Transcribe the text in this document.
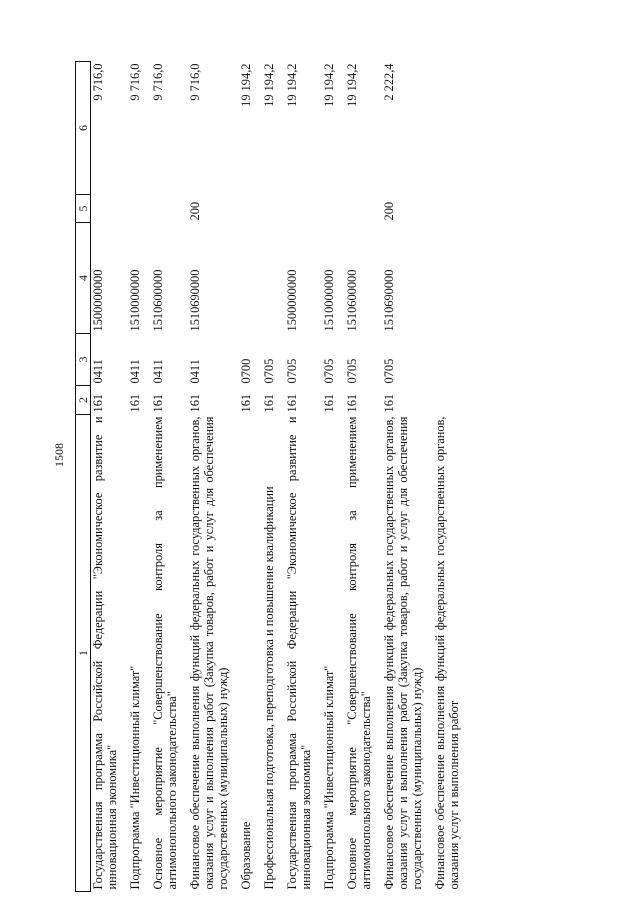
1508
1	2	3	4	5	6
Государственная программа Российской Федерации "Экономическое развитие и инновационная экономика"	161	0411	1500000000		9 716,0
Подпрограмма "Инвестиционный климат"	161	0411	1510000000		9 716,0
Основное мероприятие "Совершенствование контроля за применением антимонопольного законодательства"	161	0411	1510600000		9 716,0
Финансовое обеспечение выполнения функций федеральных государственных органов, оказания услуг и выполнения работ (Закупка товаров, работ и услуг для обеспечения государственных (муниципальных) нужд)	161	0411	1510690000	200	9 716,0
Образование	161	0700			19 194,2
Профессиональная подготовка, переподготовка и повышение квалификации	161	0705			19 194,2
Государственная программа Российской Федерации "Экономическое развитие и инновационная экономика"	161	0705	1500000000		19 194,2
Подпрограмма "Инвестиционный климат"	161	0705	1510000000		19 194,2
Основное мероприятие "Совершенствование контроля за применением антимонопольного законодательства"	161	0705	1510600000		19 194,2
Финансовое обеспечение выполнения функций федеральных государственных органов, оказания услуг и выполнения работ (Закупка товаров, работ и услуг для обеспечения государственных (муниципальных) нужд)	161	0705	1510690000	200	2 222,4
Финансовое обеспечение выполнения функций федеральных государственных органов, оказания услуг и выполнения работ					
